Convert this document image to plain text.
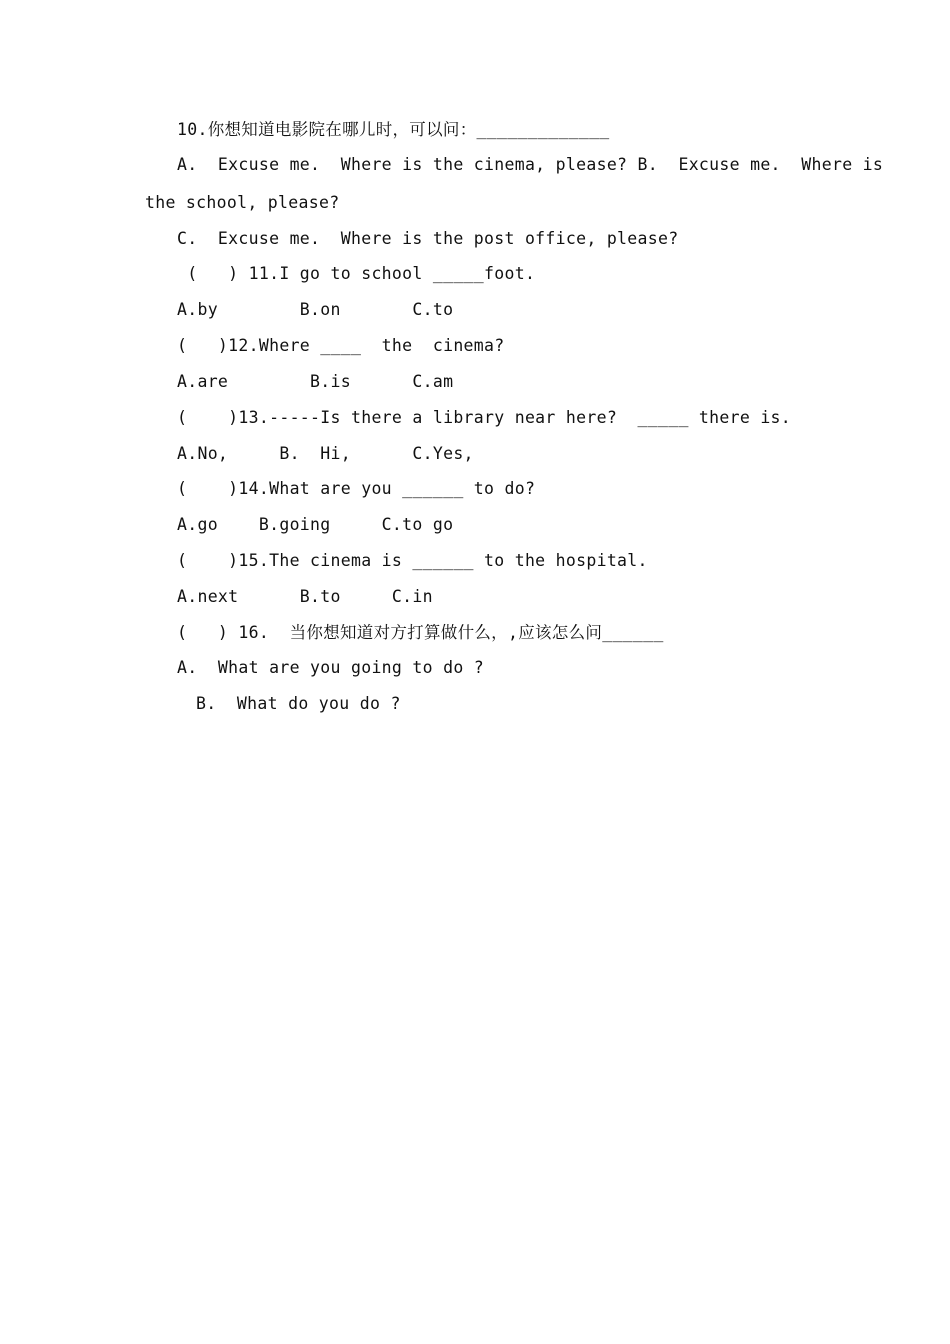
10.你想知道电影院在哪儿时，可以问：_____________
A.  Excuse me.  Where is the cinema, please? B.  Excuse me.  Where is
the school, please?
C.  Excuse me.  Where is the post office, please?
(   ) 11.I go to school _____foot.
A.by        B.on       C.to
(   )12.Where ____  the  cinema?
A.are        B.is      C.am
(    )13.-----Is there a library near here?  _____ there is.
A.No,     B.  Hi,      C.Yes,
(    )14.What are you ______ to do?
A.go    B.going     C.to go
(    )15.The cinema is ______ to the hospital.
A.next      B.to     C.in
(   ) 16.  当你想知道对方打算做什么，,应该怎么问______
A.  What are you going to do ?
B.  What do you do ?
